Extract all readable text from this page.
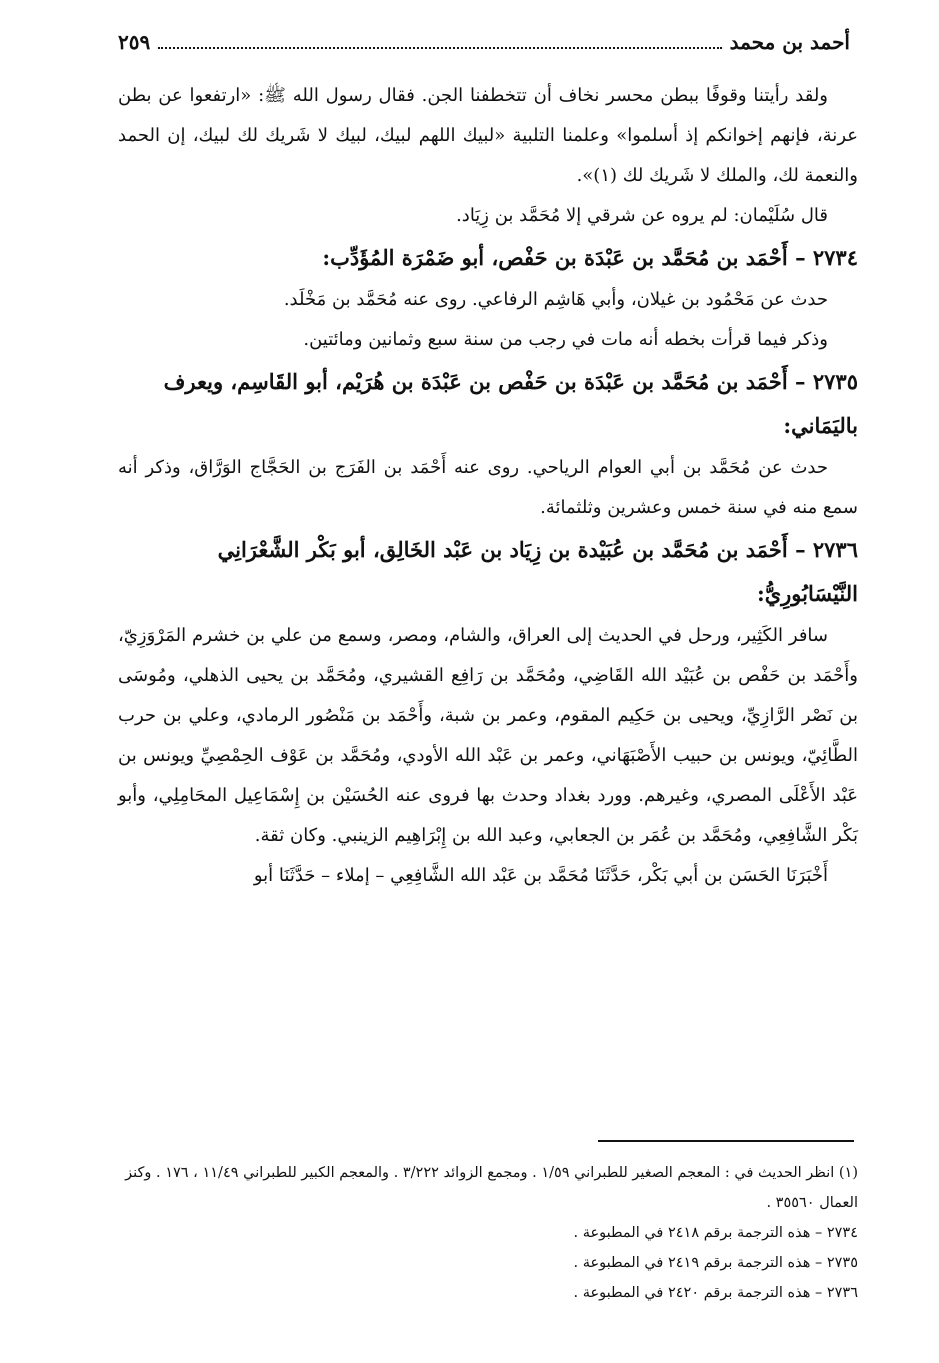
أحمد بن محمد
٢٥٩

ولقد رأيتنا وقوفًا ببطن محسر نخاف أن تتخطفنا الجن. فقال رسول الله ﷺ: «ارتفعوا عن بطن عرنة، فإنهم إخوانكم إذ أسلموا» وعلمنا التلبية «لبيك اللهم لبيك، لبيك لا شَريك لك لبيك، إن الحمد والنعمة لك، والملك لا شَريك لك (١)».

قال سُلَيْمان: لم يروه عن شرقي إلا مُحَمَّد بن زِيَاد.

٢٧٣٤ – أَحْمَد بن مُحَمَّد بن عَبْدَة بن حَفْص، أبو ضَمْرَة المُؤَدِّب:

حدث عن مَحْمُود بن غيلان، وأبي هَاشِم الرفاعي. روى عنه مُحَمَّد بن مَخْلَد.

وذكر فيما قرأت بخطه أنه مات في رجب من سنة سبع وثمانين ومائتين.

٢٧٣٥ – أَحْمَد بن مُحَمَّد بن عَبْدَة بن حَفْص بن عَبْدَة بن هُرَيْم، أبو القَاسِم، ويعرف باليَمَاني:

حدث عن مُحَمَّد بن أبي العوام الرياحي. روى عنه أَحْمَد بن الفَرَج بن الحَجَّاج الوَرَّاق، وذكر أنه سمع منه في سنة خمس وعشرين وثلثمائة.

٢٧٣٦ – أَحْمَد بن مُحَمَّد بن عُبَيْدة بن زِيَاد بن عَبْد الخَالِق، أبو بَكْر الشَّعْرَانِي النَّيْسَابُورِيُّ:

سافر الكَثِير، ورحل في الحديث إلى العراق، والشام، ومصر، وسمع من علي بن خشرم المَرْوَزِيّ، وأَحْمَد بن حَفْص بن عُبَيْد الله القَاضِي، ومُحَمَّد بن رَافِع القشيري، ومُحَمَّد بن يحيى الذهلي، ومُوسَى بن نَصْر الرَّازِيِّ، ويحيى بن حَكِيم المقوم، وعمر بن شبة، وأَحْمَد بن مَنْصُور الرمادي، وعلي بن حرب الطَّائِيّ، ويونس بن حبيب الأَصْبَهَاني، وعمر بن عَبْد الله الأودي، ومُحَمَّد بن عَوْف الحِمْصِيِّ ويونس بن عَبْد الأَعْلَى المصري، وغيرهم. وورد بغداد وحدث بها فروى عنه الحُسَيْن بن إِسْمَاعِيل المحَامِلِي، وأبو بَكْر الشَّافِعِي، ومُحَمَّد بن عُمَر بن الجعابي، وعبد الله بن إِبْرَاهِيم الزينبي. وكان ثقة.

أَخْبَرَنَا الحَسَن بن أبي بَكْر، حَدَّثَنَا مُحَمَّد بن عَبْد الله الشَّافِعِي – إملاء – حَدَّثَنَا أبو

(١) انظر الحديث في : المعجم الصغير للطبراني ١/٥٩ . ومجمع الزوائد ٣/٢٢٢ . والمعجم الكبير للطبراني ١١/٤٩ ، ١٧٦ . وكنز العمال ٣٥٥٦٠ .
٢٧٣٤ – هذه الترجمة برقم ٢٤١٨ في المطبوعة .
٢٧٣٥ – هذه الترجمة برقم ٢٤١٩ في المطبوعة .
٢٧٣٦ – هذه الترجمة برقم ٢٤٢٠ في المطبوعة .
